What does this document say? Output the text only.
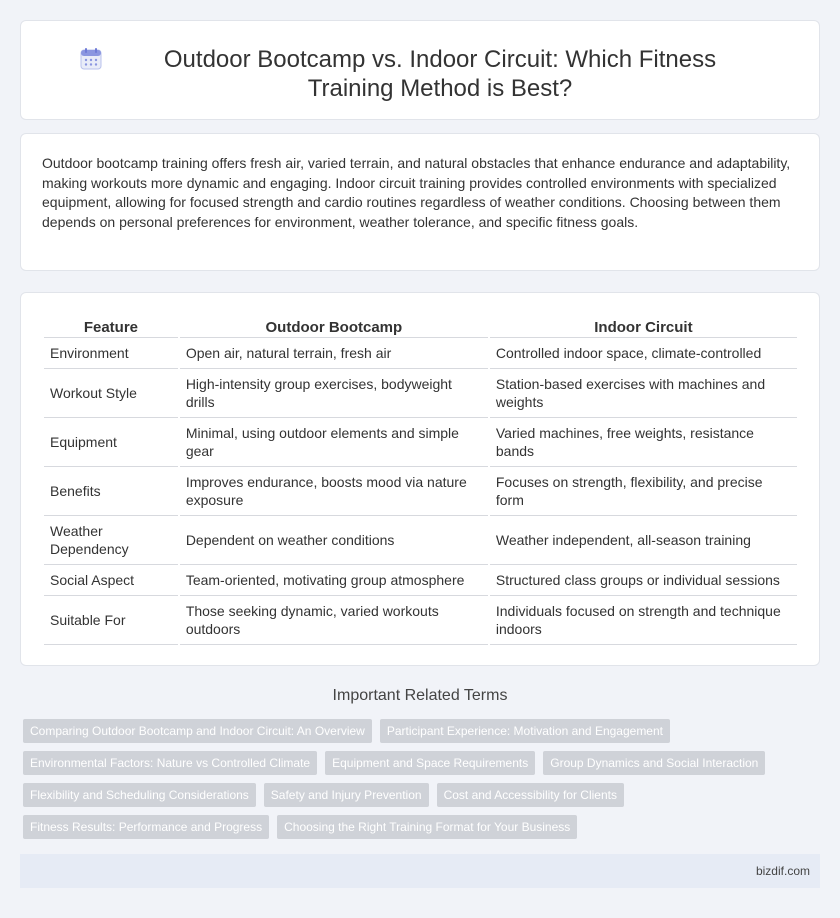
Outdoor Bootcamp vs. Indoor Circuit: Which Fitness Training Method is Best?

Outdoor bootcamp training offers fresh air, varied terrain, and natural obstacles that enhance endurance and adaptability, making workouts more dynamic and engaging. Indoor circuit training provides controlled environments with specialized equipment, allowing for focused strength and cardio routines regardless of weather conditions. Choosing between them depends on personal preferences for environment, weather tolerance, and specific fitness goals.

Feature	Outdoor Bootcamp	Indoor Circuit
Environment	Open air, natural terrain, fresh air	Controlled indoor space, climate-controlled
Workout Style	High-intensity group exercises, bodyweight drills	Station-based exercises with machines and weights
Equipment	Minimal, using outdoor elements and simple gear	Varied machines, free weights, resistance bands
Benefits	Improves endurance, boosts mood via nature exposure	Focuses on strength, flexibility, and precise form
Weather Dependency	Dependent on weather conditions	Weather independent, all-season training
Social Aspect	Team-oriented, motivating group atmosphere	Structured class groups or individual sessions
Suitable For	Those seeking dynamic, varied workouts outdoors	Individuals focused on strength and technique indoors
Important Related Terms
Comparing Outdoor Bootcamp and Indoor Circuit: An Overview	Participant Experience: Motivation and Engagement
Environmental Factors: Nature vs Controlled Climate	Equipment and Space Requirements	Group Dynamics and Social Interaction
Flexibility and Scheduling Considerations	Safety and Injury Prevention	Cost and Accessibility for Clients
Fitness Results: Performance and Progress	Choosing the Right Training Format for Your Business
bizdif.com
